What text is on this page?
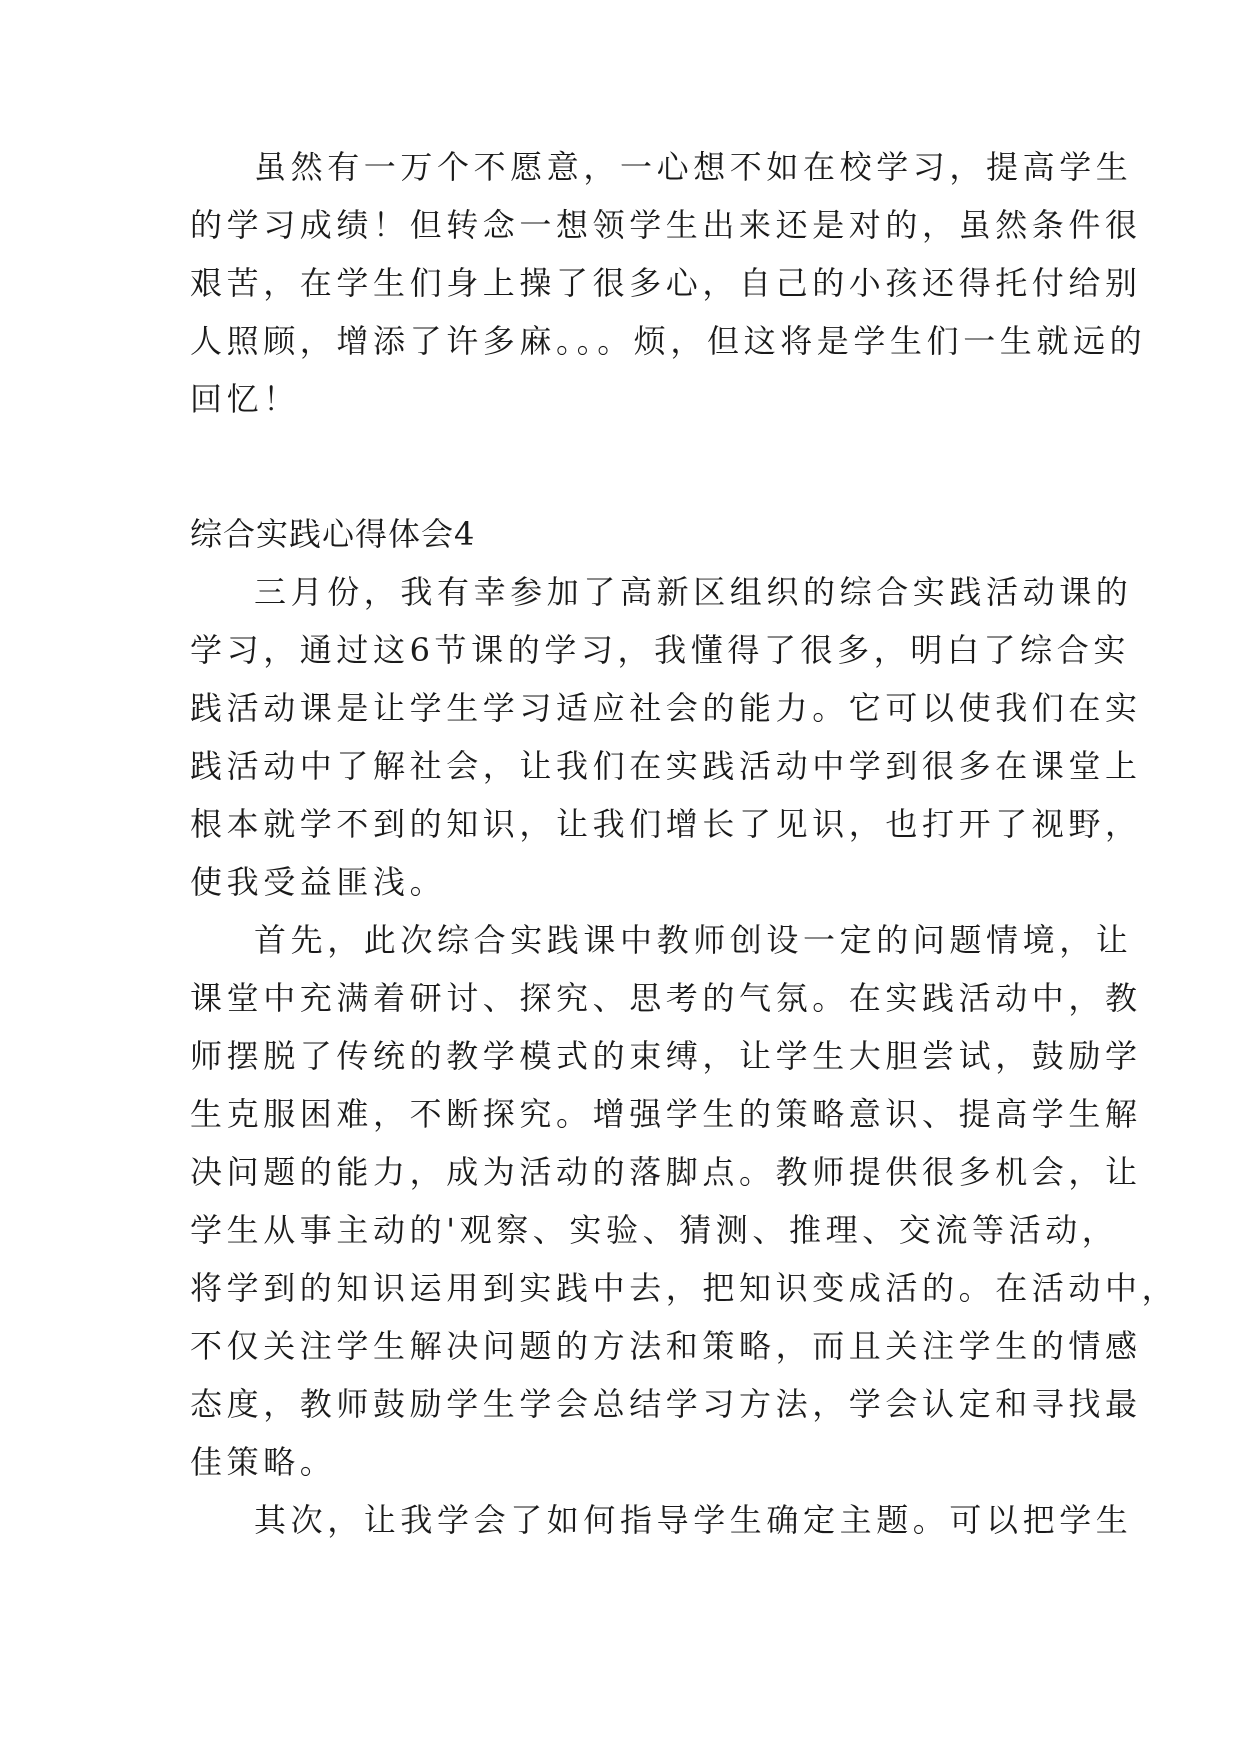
虽然有一万个不愿意，一心想不如在校学习，提高学生
的学习成绩！但转念一想领学生出来还是对的，虽然条件很
艰苦，在学生们身上操了很多心，自己的小孩还得托付给别
人照顾，增添了许多麻。。。烦，但这将是学生们一生就远的
回忆！
综合实践心得体会4
三月份，我有幸参加了高新区组织的综合实践活动课的
学习，通过这6节课的学习，我懂得了很多，明白了综合实
践活动课是让学生学习适应社会的能力。它可以使我们在实
践活动中了解社会，让我们在实践活动中学到很多在课堂上
根本就学不到的知识，让我们增长了见识，也打开了视野，
使我受益匪浅。
首先，此次综合实践课中教师创设一定的问题情境，让
课堂中充满着研讨、探究、思考的气氛。在实践活动中，教
师摆脱了传统的教学模式的束缚，让学生大胆尝试，鼓励学
生克服困难，不断探究。增强学生的策略意识、提高学生解
决问题的能力，成为活动的落脚点。教师提供很多机会，让
学生从事主动的'观察、实验、猜测、推理、交流等活动，
将学到的知识运用到实践中去，把知识变成活的。在活动中，
不仅关注学生解决问题的方法和策略，而且关注学生的情感
态度，教师鼓励学生学会总结学习方法，学会认定和寻找最
佳策略。
其次，让我学会了如何指导学生确定主题。可以把学生
